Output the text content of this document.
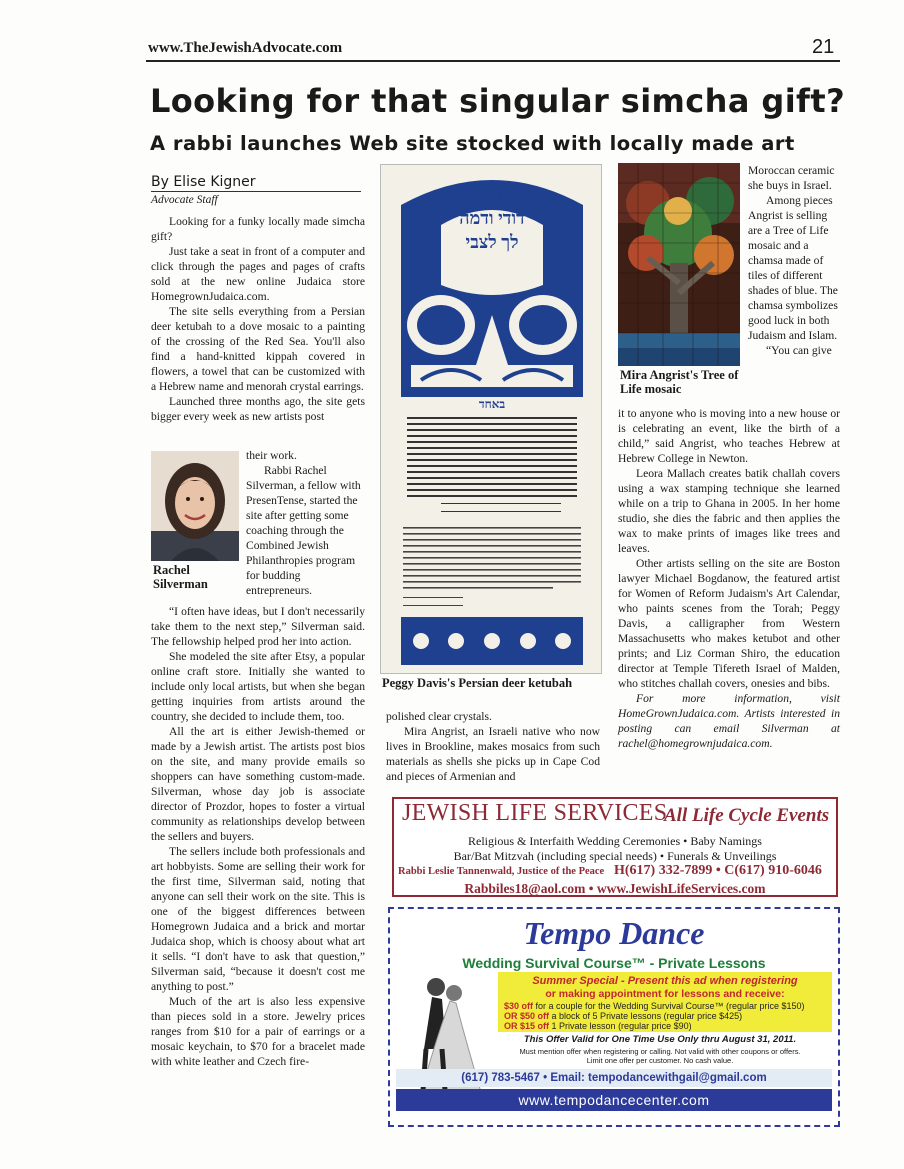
www.TheJewishAdvocate.com	21
Looking for that singular simcha gift?
A rabbi launches Web site stocked with locally made art
By Elise Kigner
Advocate Staff

Looking for a funky locally made simcha gift?

Just take a seat in front of a computer and click through the pages and pages of crafts sold at the new online Judaica store HomegrownJudaica.com.

The site sells everything from a Persian deer ketubah to a dove mosaic to a painting of the crossing of the Red Sea. You'll also find a hand-knitted kippah covered in flowers, a towel that can be customized with a Hebrew name and menorah crystal earrings.

Launched three months ago, the site gets bigger every week as new artists post

Rachel Silverman

their work.

Rabbi Rachel Silverman, a fellow with PresenTense, started the site after getting some coaching through the Combined Jewish Philanthropies program for budding entrepreneurs.

“I often have ideas, but I don't necessarily take them to the next step,” Silverman said. The fellowship helped prod her into action.

She modeled the site after Etsy, a popular online craft store. Initially she wanted to include only local artists, but when she began getting inquiries from artists around the country, she decided to include them, too.

All the art is either Jewish-themed or made by a Jewish artist. The artists post bios on the site, and many provide emails so shoppers can have something custom-made. Silverman, whose day job is associate director of Prozdor, hopes to foster a virtual community as relationships develop between the sellers and buyers.

The sellers include both professionals and art hobbyists. Some are selling their work for the first time, Silverman said, noting that anyone can sell their work on the site. This is one of the biggest differences between Homegrown Judaica and a brick and mortar Judaica shop, which is choosy about what art it sells. “I don't have to ask that question,” Silverman said, “because it doesn't cost me anything to post.”

Much of the art is also less expensive than pieces sold in a store. Jewelry prices ranges from $10 for a pair of earrings or a mosaic keychain, to $70 for a bracelet made with white leather and Czech fire-

ברכה
דודי ודמה
לך לצבי
באחד
Peggy Davis's Persian deer ketubah

polished clear crystals.

Mira Angrist, an Israeli native who now lives in Brookline, makes mosaics from such materials as shells she picks up in Cape Cod and pieces of Armenian and

Mira Angrist's Tree of Life mosaic

Moroccan ceramic she buys in Israel.

Among pieces Angrist is selling are a Tree of Life mosaic and a chamsa made of tiles of different shades of blue. The chamsa symbolizes good luck in both Judaism and Islam.

“You can give

it to anyone who is moving into a new house or is celebrating an event, like the birth of a child,” said Angrist, who teaches Hebrew at Hebrew College in Newton.

Leora Mallach creates batik challah covers using a wax stamping technique she learned while on a trip to Ghana in 2005. In her home studio, she dies the fabric and then applies the wax to make prints of images like trees and leaves.

Other artists selling on the site are Boston lawyer Michael Bogdanow, the featured artist for Women of Reform Judaism's Art Calendar, who paints scenes from the Torah; Peggy Davis, a calligrapher from Western Massachusetts who makes ketubot and other prints; and Liz Corman Shiro, the education director at Temple Tifereth Israel of Malden, who stitches challah covers, onesies and bibs.

For more information, visit HomeGrownJudaica.com. Artists interested in posting can email Silverman at rachel@homegrownjudaica.com.

JEWISH LIFE SERVICES
All Life Cycle Events
Religious & Interfaith Wedding Ceremonies • Baby Namings
Bar/Bat Mitzvah (including special needs) • Funerals & Unveilings
Rabbi Leslie Tannenwald, Justice of the Peace H(617) 332-7899 • C(617) 910-6046
Rabbiles18@aol.com • www.JewishLifeServices.com
Tempo Dance
Wedding Survival Course™ - Private Lessons
Summer Special - Present this ad when registering
or making appointment for lessons and receive:
$30 off for a couple for the Wedding Survival Course™ (regular price $150)
OR $50 off a block of 5 Private lessons (regular price $425)
OR $15 off 1 Private lesson (regular price $90)
This Offer Valid for One Time Use Only thru August 31, 2011.
Must mention offer when registering or calling. Not valid with other coupons or offers.
Limit one offer per customer. No cash value.
(617) 783-5467 • Email: tempodancewithgail@gmail.com
www.tempodancecenter.com
